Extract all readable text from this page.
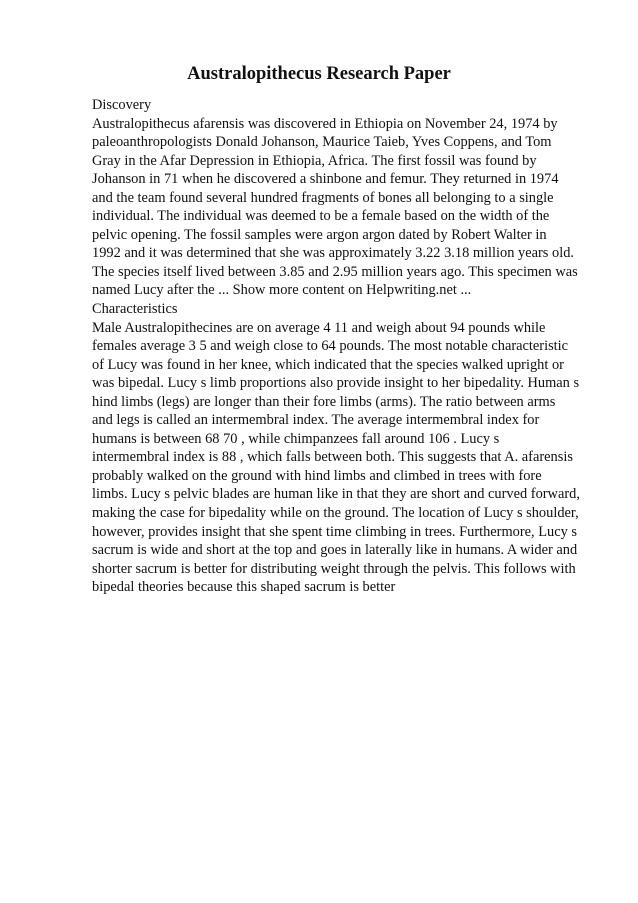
Australopithecus Research Paper
Discovery
Australopithecus afarensis was discovered in Ethiopia on November 24, 1974 by
paleoanthropologists Donald Johanson, Maurice Taieb, Yves Coppens, and Tom
Gray in the Afar Depression in Ethiopia, Africa. The first fossil was found by
Johanson in 71 when he discovered a shinbone and femur. They returned in 1974
and the team found several hundred fragments of bones all belonging to a single
individual. The individual was deemed to be a female based on the width of the
pelvic opening. The fossil samples were argon argon dated by Robert Walter in
1992 and it was determined that she was approximately 3.22 3.18 million years old.
The species itself lived between 3.85 and 2.95 million years ago. This specimen was
named Lucy after the ... Show more content on Helpwriting.net ...
Characteristics
Male Australopithecines are on average 4 11 and weigh about 94 pounds while
females average 3 5 and weigh close to 64 pounds. The most notable characteristic
of Lucy was found in her knee, which indicated that the species walked upright or
was bipedal. Lucy s limb proportions also provide insight to her bipedality. Human s
hind limbs (legs) are longer than their fore limbs (arms). The ratio between arms
and legs is called an intermembral index. The average intermembral index for
humans is between 68 70 , while chimpanzees fall around 106 . Lucy s
intermembral index is 88 , which falls between both. This suggests that A. afarensis
probably walked on the ground with hind limbs and climbed in trees with fore
limbs. Lucy s pelvic blades are human like in that they are short and curved forward,
making the case for bipedality while on the ground. The location of Lucy s shoulder,
however, provides insight that she spent time climbing in trees. Furthermore, Lucy s
sacrum is wide and short at the top and goes in laterally like in humans. A wider and
shorter sacrum is better for distributing weight through the pelvis. This follows with
bipedal theories because this shaped sacrum is better
